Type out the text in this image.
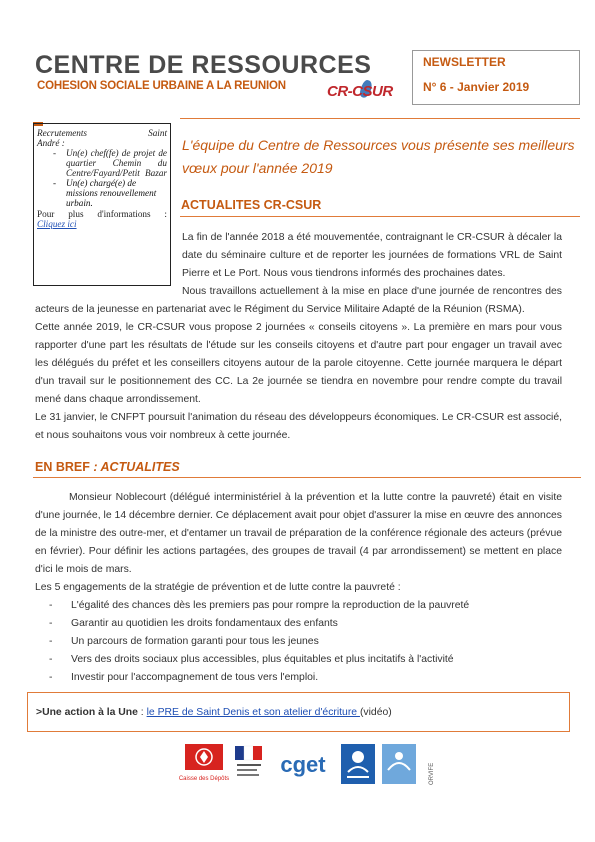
CENTRE DE RESSOURCES
COHESION SOCIALE URBAINE A LA REUNION	CR-CSUR
NEWSLETTER
N° 6 - Janvier 2019
Recrutements Saint
André :
- Un(e) chef(fe) de projet de quartier Chemin du Centre/Fayard/Petit Bazar
- Un(e) chargé(e) de missions renouvellement urbain.
Pour plus d'informations :
Cliquez ici
L'équipe du Centre de Ressources vous présente ses meilleurs vœux pour l'année 2019
ACTUALITES CR-CSUR

La fin de l'année 2018 a été mouvementée, contraignant le CR-CSUR à décaler la date du séminaire culture et de reporter les journées de formations VRL de Saint Pierre et Le Port. Nous vous tiendrons informés des prochaines dates.

Nous travaillons actuellement à la mise en place d'une journée de rencontres des acteurs de la jeunesse en partenariat avec le Régiment du Service Militaire Adapté de la Réunion (RSMA).

Cette année 2019, le CR-CSUR vous propose 2 journées « conseils citoyens ». La première en mars pour vous rapporter d'une part les résultats de l'étude sur les conseils citoyens et d'autre part pour engager un travail avec les délégués du préfet et les conseillers citoyens autour de la parole citoyenne. Cette journée marquera le départ d'un travail sur le positionnement des CC. La 2e journée se tiendra en novembre pour rendre compte du travail mené dans chaque arrondissement.

Le 31 janvier, le CNFPT poursuit l'animation du réseau des développeurs économiques. Le CR-CSUR est associé, et nous souhaitons vous voir nombreux à cette journée.

EN BREF : ACTUALITES

Monsieur Noblecourt (délégué interministériel à la prévention et la lutte contre la pauvreté) était en visite d'une journée, le 14 décembre dernier. Ce déplacement avait pour objet d'assurer la mise en œuvre des annonces de la ministre des outre-mer, et d'entamer un travail de préparation de la conférence régionale des acteurs (prévue en février). Pour définir les actions partagées, des groupes de travail (4 par arrondissement) se mettent en place d'ici le mois de mars.

Les 5 engagements de la stratégie de prévention et de lutte contre la pauvreté :

- L'égalité des chances dès les premiers pas pour rompre la reproduction de la pauvreté
- Garantir au quotidien les droits fondamentaux des enfants
- Un parcours de formation garanti pour tous les jeunes
- Vers des droits sociaux plus accessibles, plus équitables et plus incitatifs à l'activité
- Investir pour l'accompagnement de tous vers l'emploi.
>Une action à la Une : le PRE de Saint Denis et son atelier d'écriture (vidéo)
Caisse des Dépôts
cget	ORVIFE
